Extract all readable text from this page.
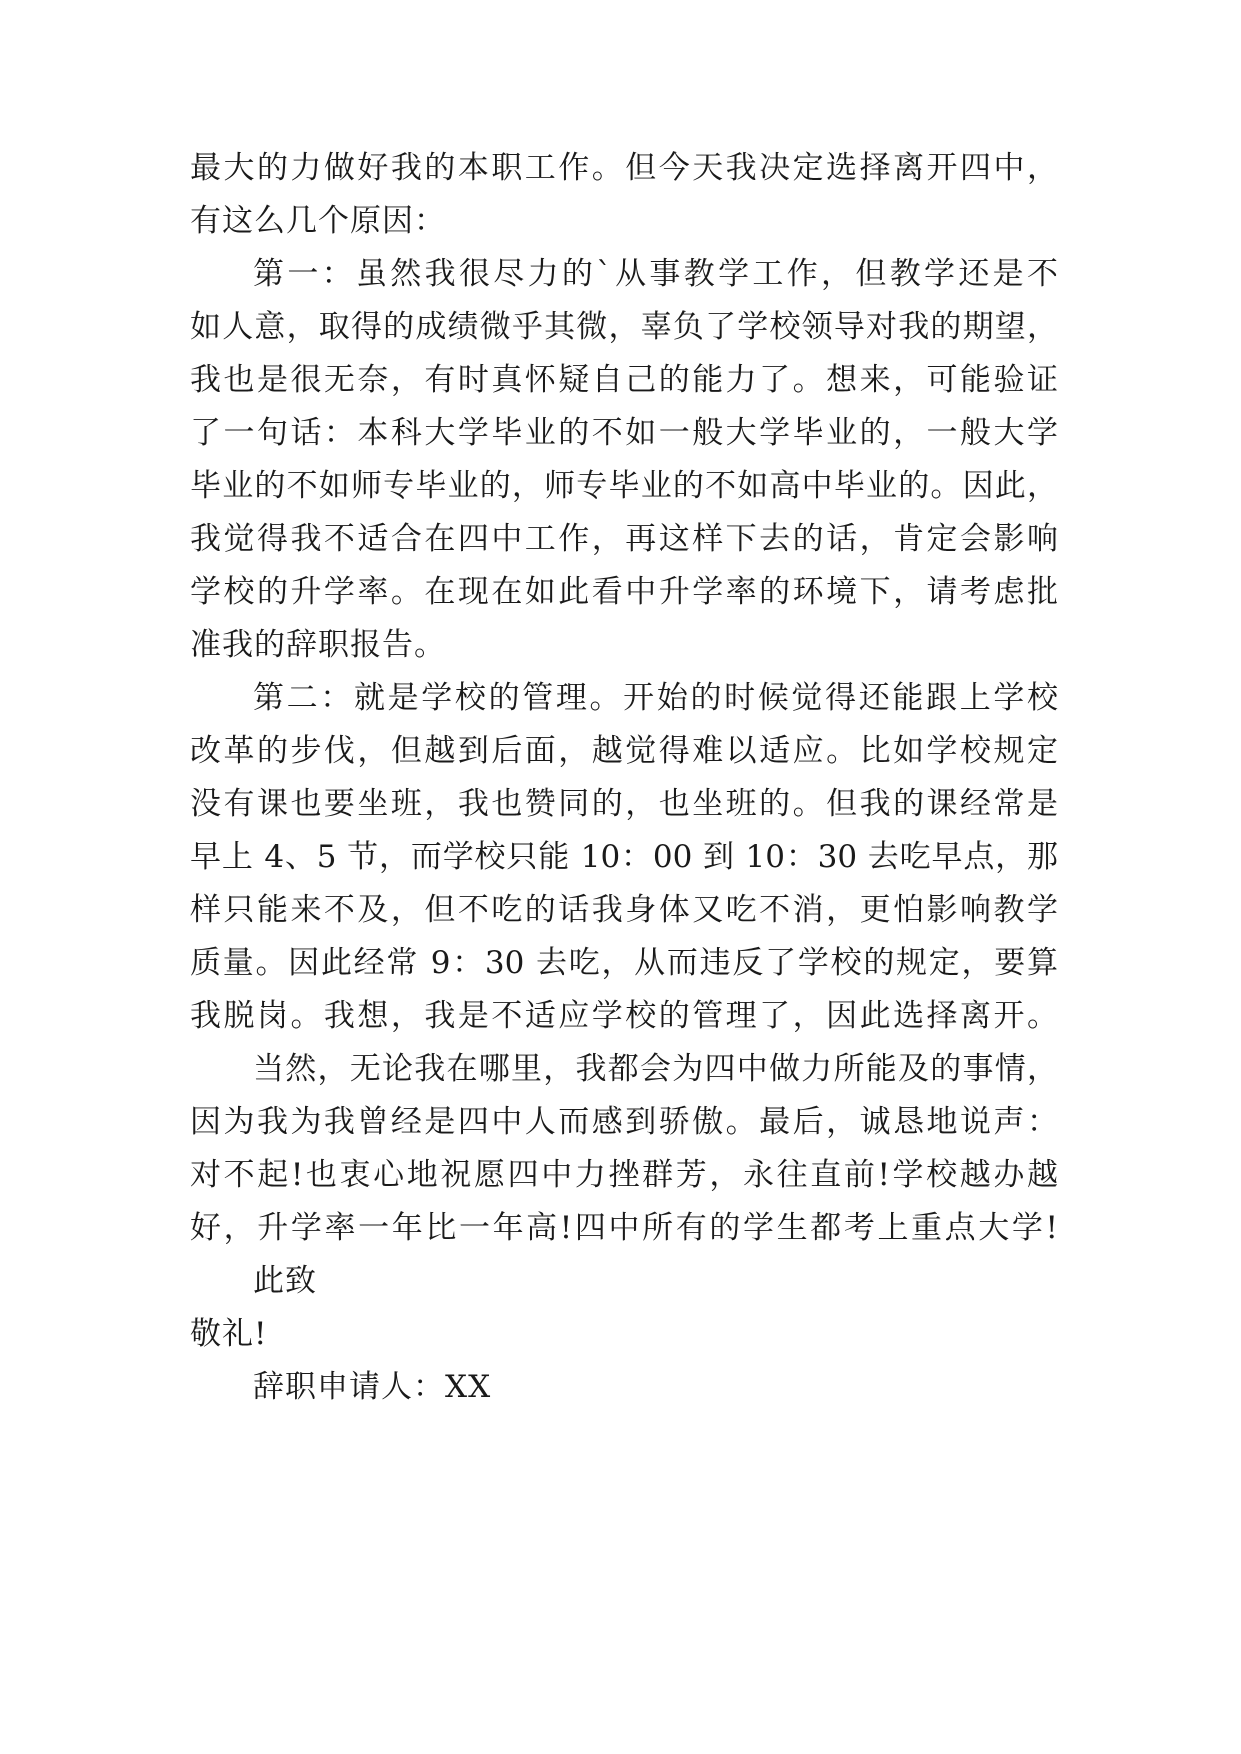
最大的力做好我的本职工作。但今天我决定选择离开四中，

有这么几个原因：

第一：虽然我很尽力的`从事教学工作，但教学还是不

如人意，取得的成绩微乎其微，辜负了学校领导对我的期望，

我也是很无奈，有时真怀疑自己的能力了。想来，可能验证

了一句话：本科大学毕业的不如一般大学毕业的，一般大学

毕业的不如师专毕业的，师专毕业的不如高中毕业的。因此，

我觉得我不适合在四中工作，再这样下去的话，肯定会影响

学校的升学率。在现在如此看中升学率的环境下，请考虑批

准我的辞职报告。

第二：就是学校的管理。开始的时候觉得还能跟上学校

改革的步伐，但越到后面，越觉得难以适应。比如学校规定

没有课也要坐班，我也赞同的，也坐班的。但我的课经常是

早上 4、5 节，而学校只能 10：00 到 10：30 去吃早点，那

样只能来不及，但不吃的话我身体又吃不消，更怕影响教学

质量。因此经常 9：30 去吃，从而违反了学校的规定，要算

我脱岗。我想，我是不适应学校的管理了，因此选择离开。

当然，无论我在哪里，我都会为四中做力所能及的事情，

因为我为我曾经是四中人而感到骄傲。最后，诚恳地说声：

对不起!也衷心地祝愿四中力挫群芳，永往直前!学校越办越

好，升学率一年比一年高!四中所有的学生都考上重点大学!

此致

敬礼!

辞职申请人：XX
